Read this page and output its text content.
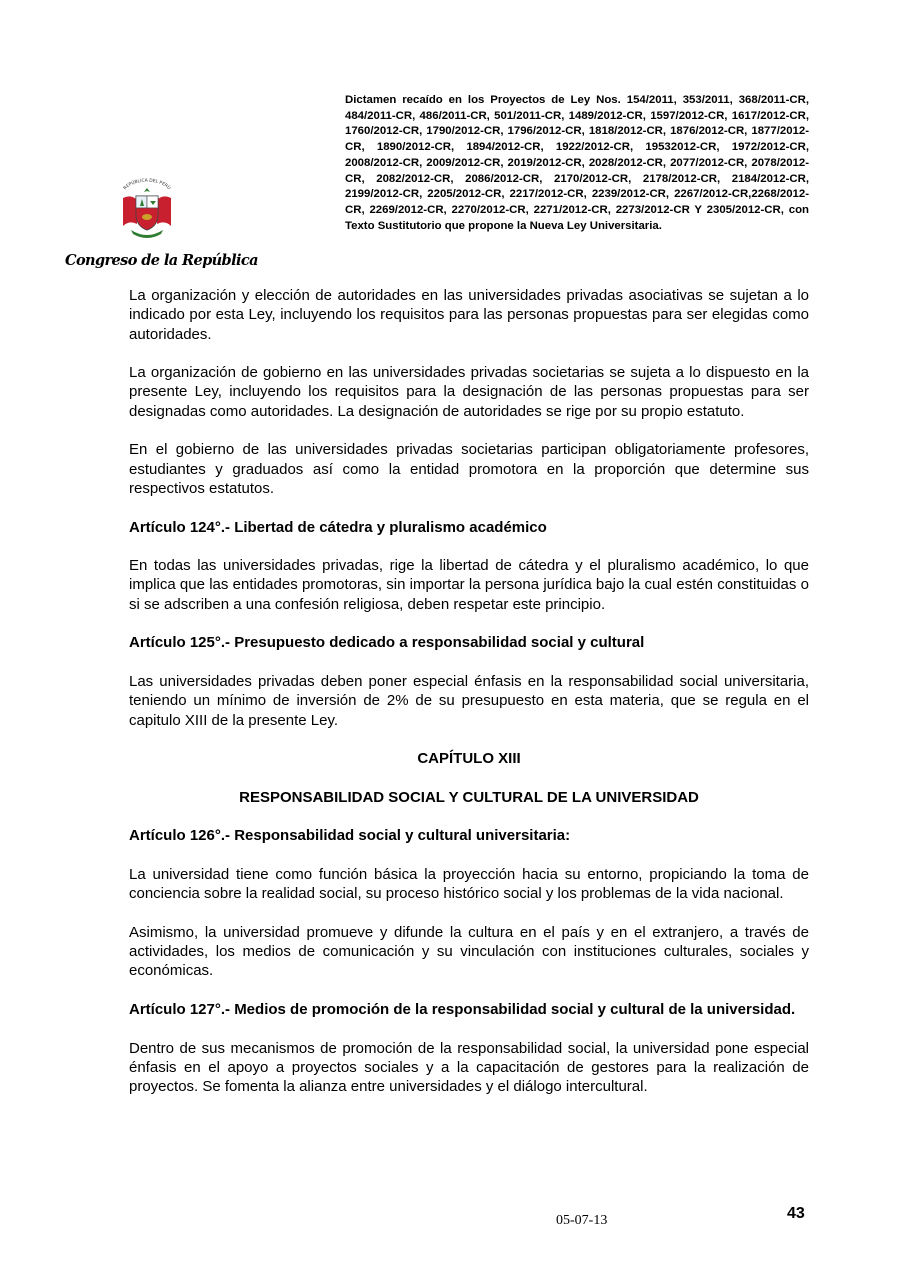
REPÚBLICA DEL PERÚ
Congreso de la República
Dictamen recaído en los Proyectos de Ley Nos. 154/2011, 353/2011, 368/2011-CR, 484/2011-CR, 486/2011-CR, 501/2011-CR, 1489/2012-CR, 1597/2012-CR, 1617/2012-CR, 1760/2012-CR, 1790/2012-CR, 1796/2012-CR, 1818/2012-CR, 1876/2012-CR, 1877/2012-CR, 1890/2012-CR, 1894/2012-CR, 1922/2012-CR, 19532012-CR, 1972/2012-CR, 2008/2012-CR, 2009/2012-CR, 2019/2012-CR, 2028/2012-CR, 2077/2012-CR, 2078/2012-CR, 2082/2012-CR, 2086/2012-CR, 2170/2012-CR, 2178/2012-CR, 2184/2012-CR, 2199/2012-CR, 2205/2012-CR, 2217/2012-CR, 2239/2012-CR, 2267/2012-CR,2268/2012-CR, 2269/2012-CR, 2270/2012-CR, 2271/2012-CR, 2273/2012-CR Y 2305/2012-CR, con Texto Sustitutorio que propone la Nueva Ley Universitaria.

La organización y elección de autoridades en las universidades privadas asociativas se sujetan a lo indicado por esta Ley, incluyendo los requisitos para las personas propuestas para ser elegidas como autoridades.

La organización de gobierno en las universidades privadas societarias se sujeta a lo dispuesto en la presente Ley, incluyendo los requisitos para la designación de las personas propuestas para ser designadas como autoridades. La designación de autoridades se rige por su propio estatuto.

En el gobierno de las universidades privadas societarias participan obligatoriamente profesores, estudiantes y graduados así como la entidad promotora en la proporción que determine sus respectivos estatutos.

Artículo 124°.- Libertad de cátedra y pluralismo académico

En todas las universidades privadas, rige la libertad de cátedra y el pluralismo académico, lo que implica que las entidades promotoras, sin importar la persona jurídica bajo la cual estén constituidas o si se adscriben a una confesión religiosa, deben respetar este principio.

Artículo 125°.- Presupuesto dedicado a responsabilidad social y cultural

Las universidades privadas deben poner especial énfasis en la responsabilidad social universitaria, teniendo un mínimo de inversión de 2% de su presupuesto en esta materia, que se regula en el capitulo XIII de la presente Ley.

CAPÍTULO XIII

RESPONSABILIDAD SOCIAL Y CULTURAL DE LA UNIVERSIDAD

Artículo 126°.- Responsabilidad social y cultural universitaria:

La universidad tiene como función básica la proyección hacia su entorno, propiciando la toma de conciencia sobre la realidad social, su proceso histórico social y los problemas de la vida nacional.

Asimismo, la universidad promueve y difunde la cultura en el país y en el extranjero, a través de actividades, los medios de comunicación y su vinculación con instituciones culturales, sociales y económicas.

Artículo 127°.- Medios de promoción de la responsabilidad social y cultural de la universidad.

Dentro de sus mecanismos de promoción de la responsabilidad social, la universidad pone especial énfasis en el apoyo a proyectos sociales y a la capacitación de gestores para la realización de proyectos. Se fomenta la alianza entre universidades y el diálogo intercultural.

05-07-13	43
